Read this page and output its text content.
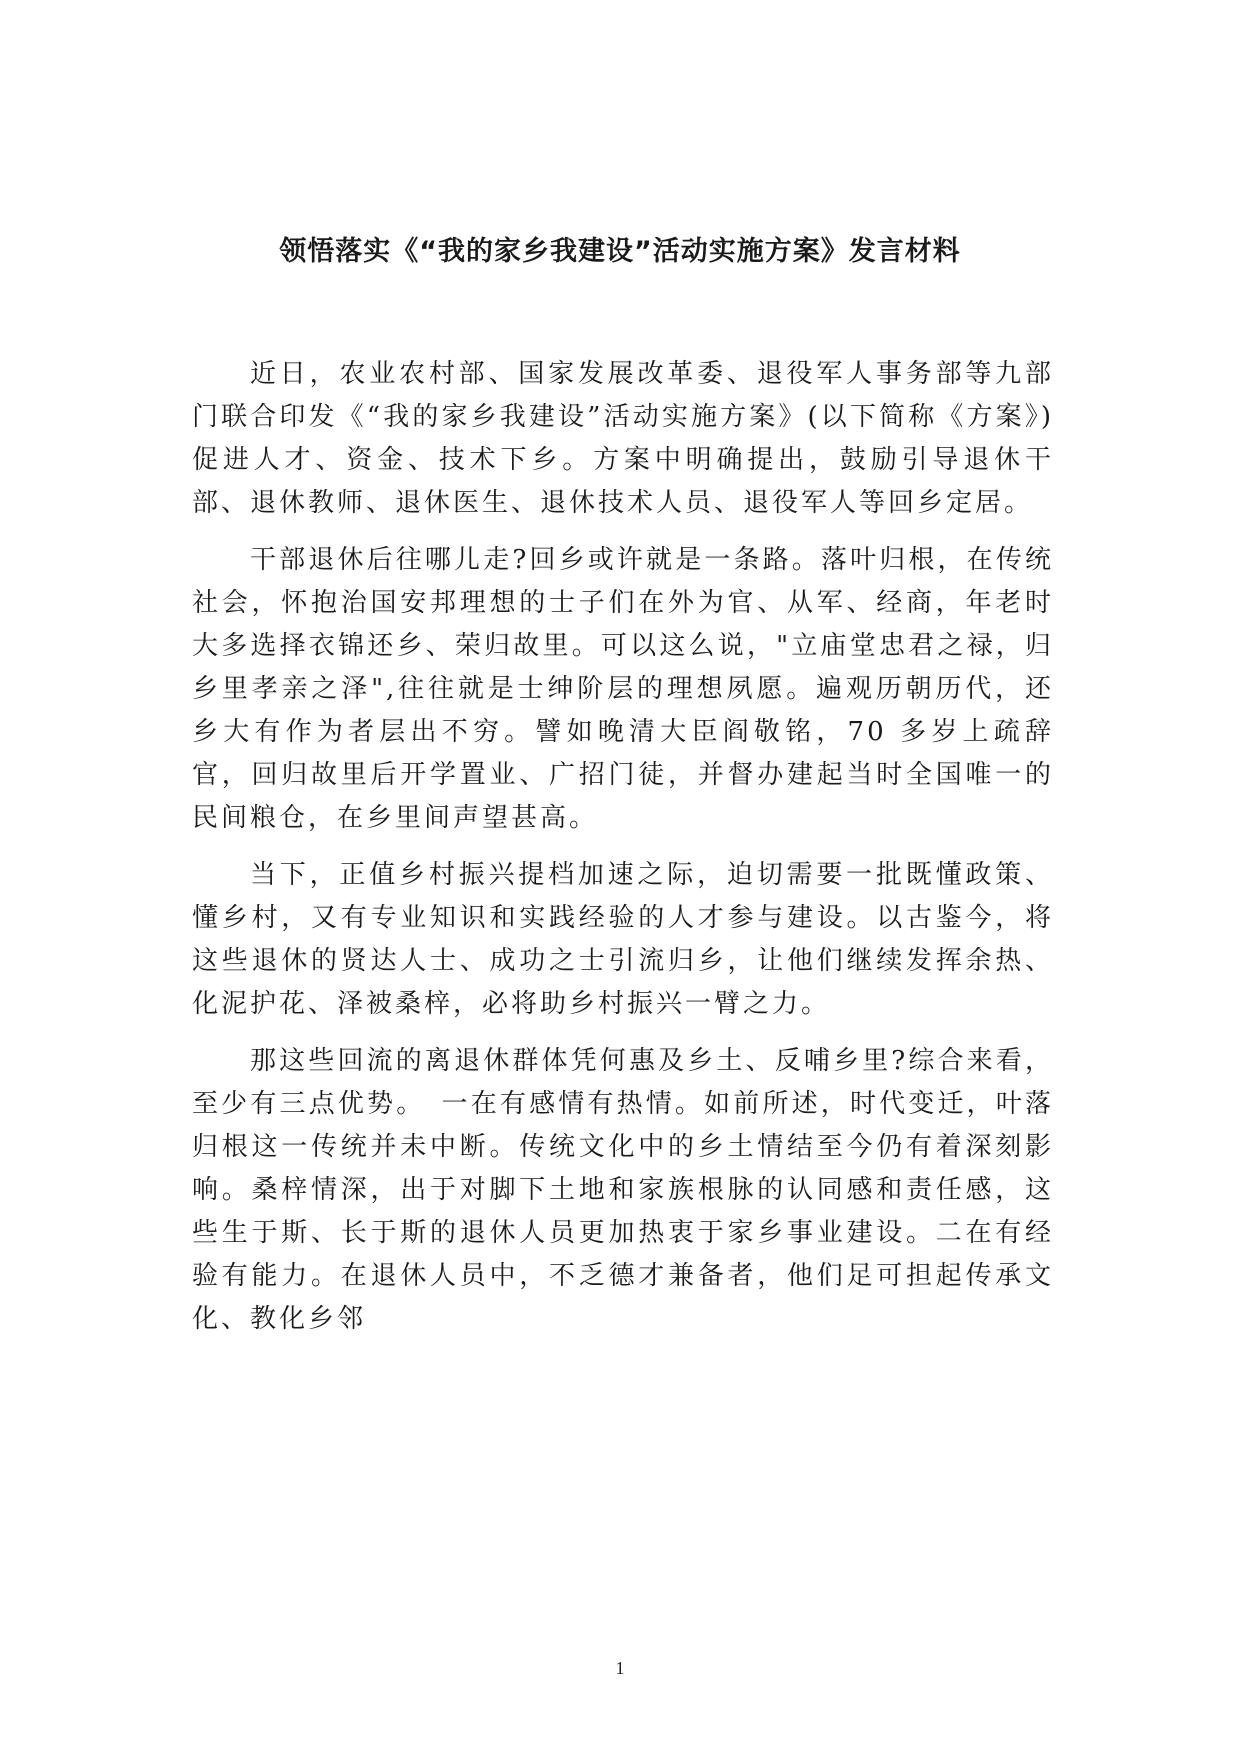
领悟落实《“我的家乡我建设”活动实施方案》发言材料

近日，农业农村部、国家发展改革委、退役军人事务部等九部门联合印发《“我的家乡我建设”活动实施方案》(以下简称《方案》)促进人才、资金、技术下乡。方案中明确提出，鼓励引导退休干部、退休教师、退休医生、退休技术人员、退役军人等回乡定居。

干部退休后往哪儿走?回乡或许就是一条路。落叶归根，在传统社会，怀抱治国安邦理想的士子们在外为官、从军、经商，年老时大多选择衣锦还乡、荣归故里。可以这么说，"立庙堂忠君之禄，归乡里孝亲之泽",往往就是士绅阶层的理想夙愿。遍观历朝历代，还乡大有作为者层出不穷。譬如晚清大臣阎敬铭，70 多岁上疏辞官，回归故里后开学置业、广招门徒，并督办建起当时全国唯一的民间粮仓，在乡里间声望甚高。

当下，正值乡村振兴提档加速之际，迫切需要一批既懂政策、懂乡村，又有专业知识和实践经验的人才参与建设。以古鉴今，将这些退休的贤达人士、成功之士引流归乡，让他们继续发挥余热、化泥护花、泽被桑梓，必将助乡村振兴一臂之力。

那这些回流的离退休群体凭何惠及乡土、反哺乡里?综合来看，至少有三点优势。　一在有感情有热情。如前所述，时代变迁，叶落归根这一传统并未中断。传统文化中的乡土情结至今仍有着深刻影响。桑梓情深，出于对脚下土地和家族根脉的认同感和责任感，这些生于斯、长于斯的退休人员更加热衷于家乡事业建设。二在有经验有能力。在退休人员中，不乏德才兼备者，他们足可担起传承文化、教化乡邻

1
